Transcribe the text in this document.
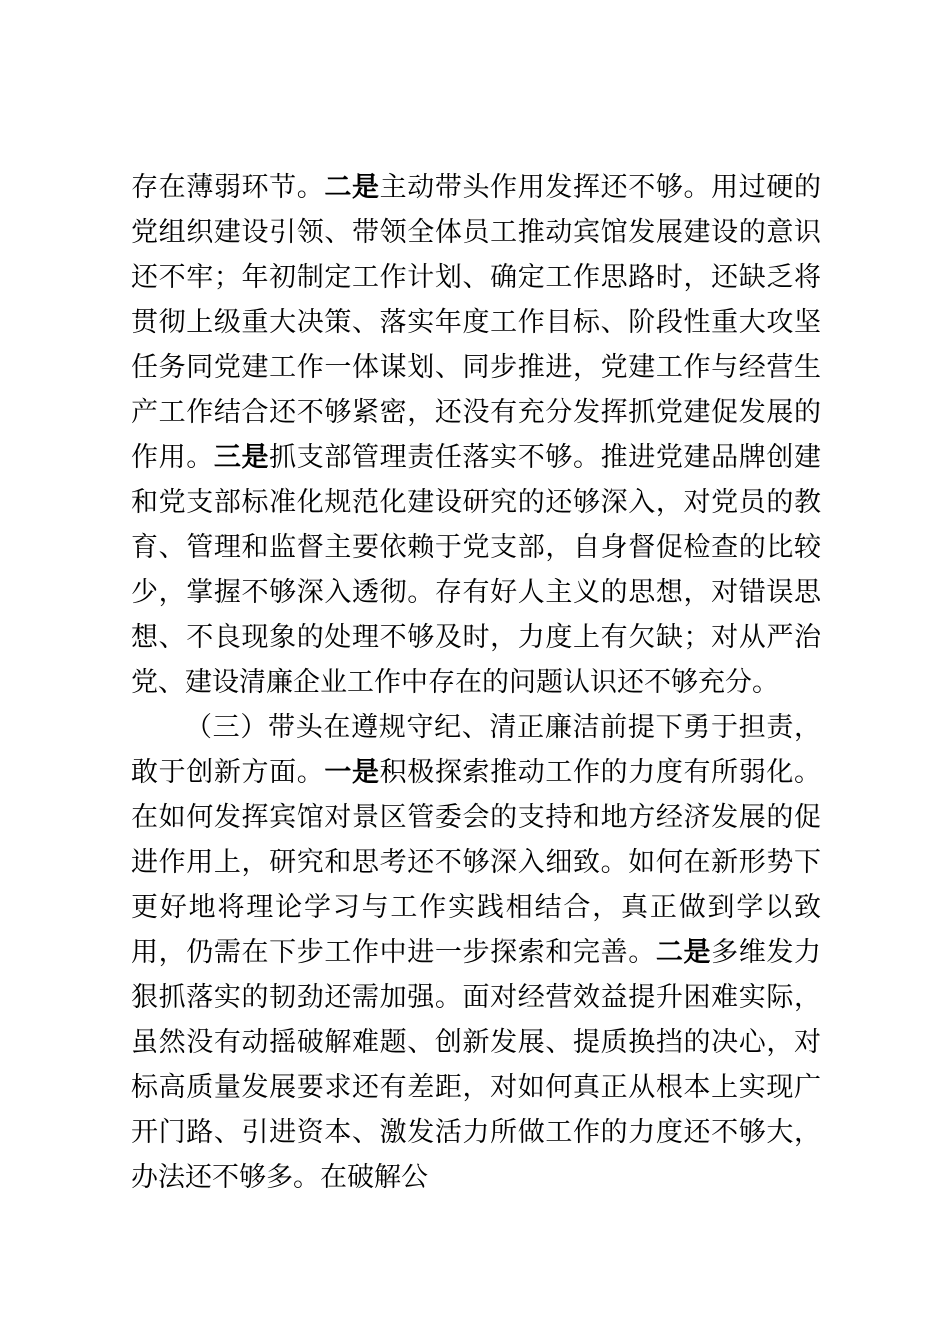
存在薄弱环节。二是主动带头作用发挥还不够。用过硬的党组织建设引领、带领全体员工推动宾馆发展建设的意识还不牢；年初制定工作计划、确定工作思路时，还缺乏将贯彻上级重大决策、落实年度工作目标、阶段性重大攻坚任务同党建工作一体谋划、同步推进，党建工作与经营生产工作结合还不够紧密，还没有充分发挥抓党建促发展的作用。三是抓支部管理责任落实不够。推进党建品牌创建和党支部标准化规范化建设研究的还够深入，对党员的教育、管理和监督主要依赖于党支部，自身督促检查的比较少，掌握不够深入透彻。存有好人主义的思想，对错误思想、不良现象的处理不够及时，力度上有欠缺；对从严治党、建设清廉企业工作中存在的问题认识还不够充分。

（三）带头在遵规守纪、清正廉洁前提下勇于担责，敢于创新方面。一是积极探索推动工作的力度有所弱化。在如何发挥宾馆对景区管委会的支持和地方经济发展的促进作用上，研究和思考还不够深入细致。如何在新形势下更好地将理论学习与工作实践相结合，真正做到学以致用，仍需在下步工作中进一步探索和完善。二是多维发力狠抓落实的韧劲还需加强。面对经营效益提升困难实际，虽然没有动摇破解难题、创新发展、提质换挡的决心，对标高质量发展要求还有差距，对如何真正从根本上实现广开门路、引进资本、激发活力所做工作的力度还不够大，办法还不够多。在破解公
